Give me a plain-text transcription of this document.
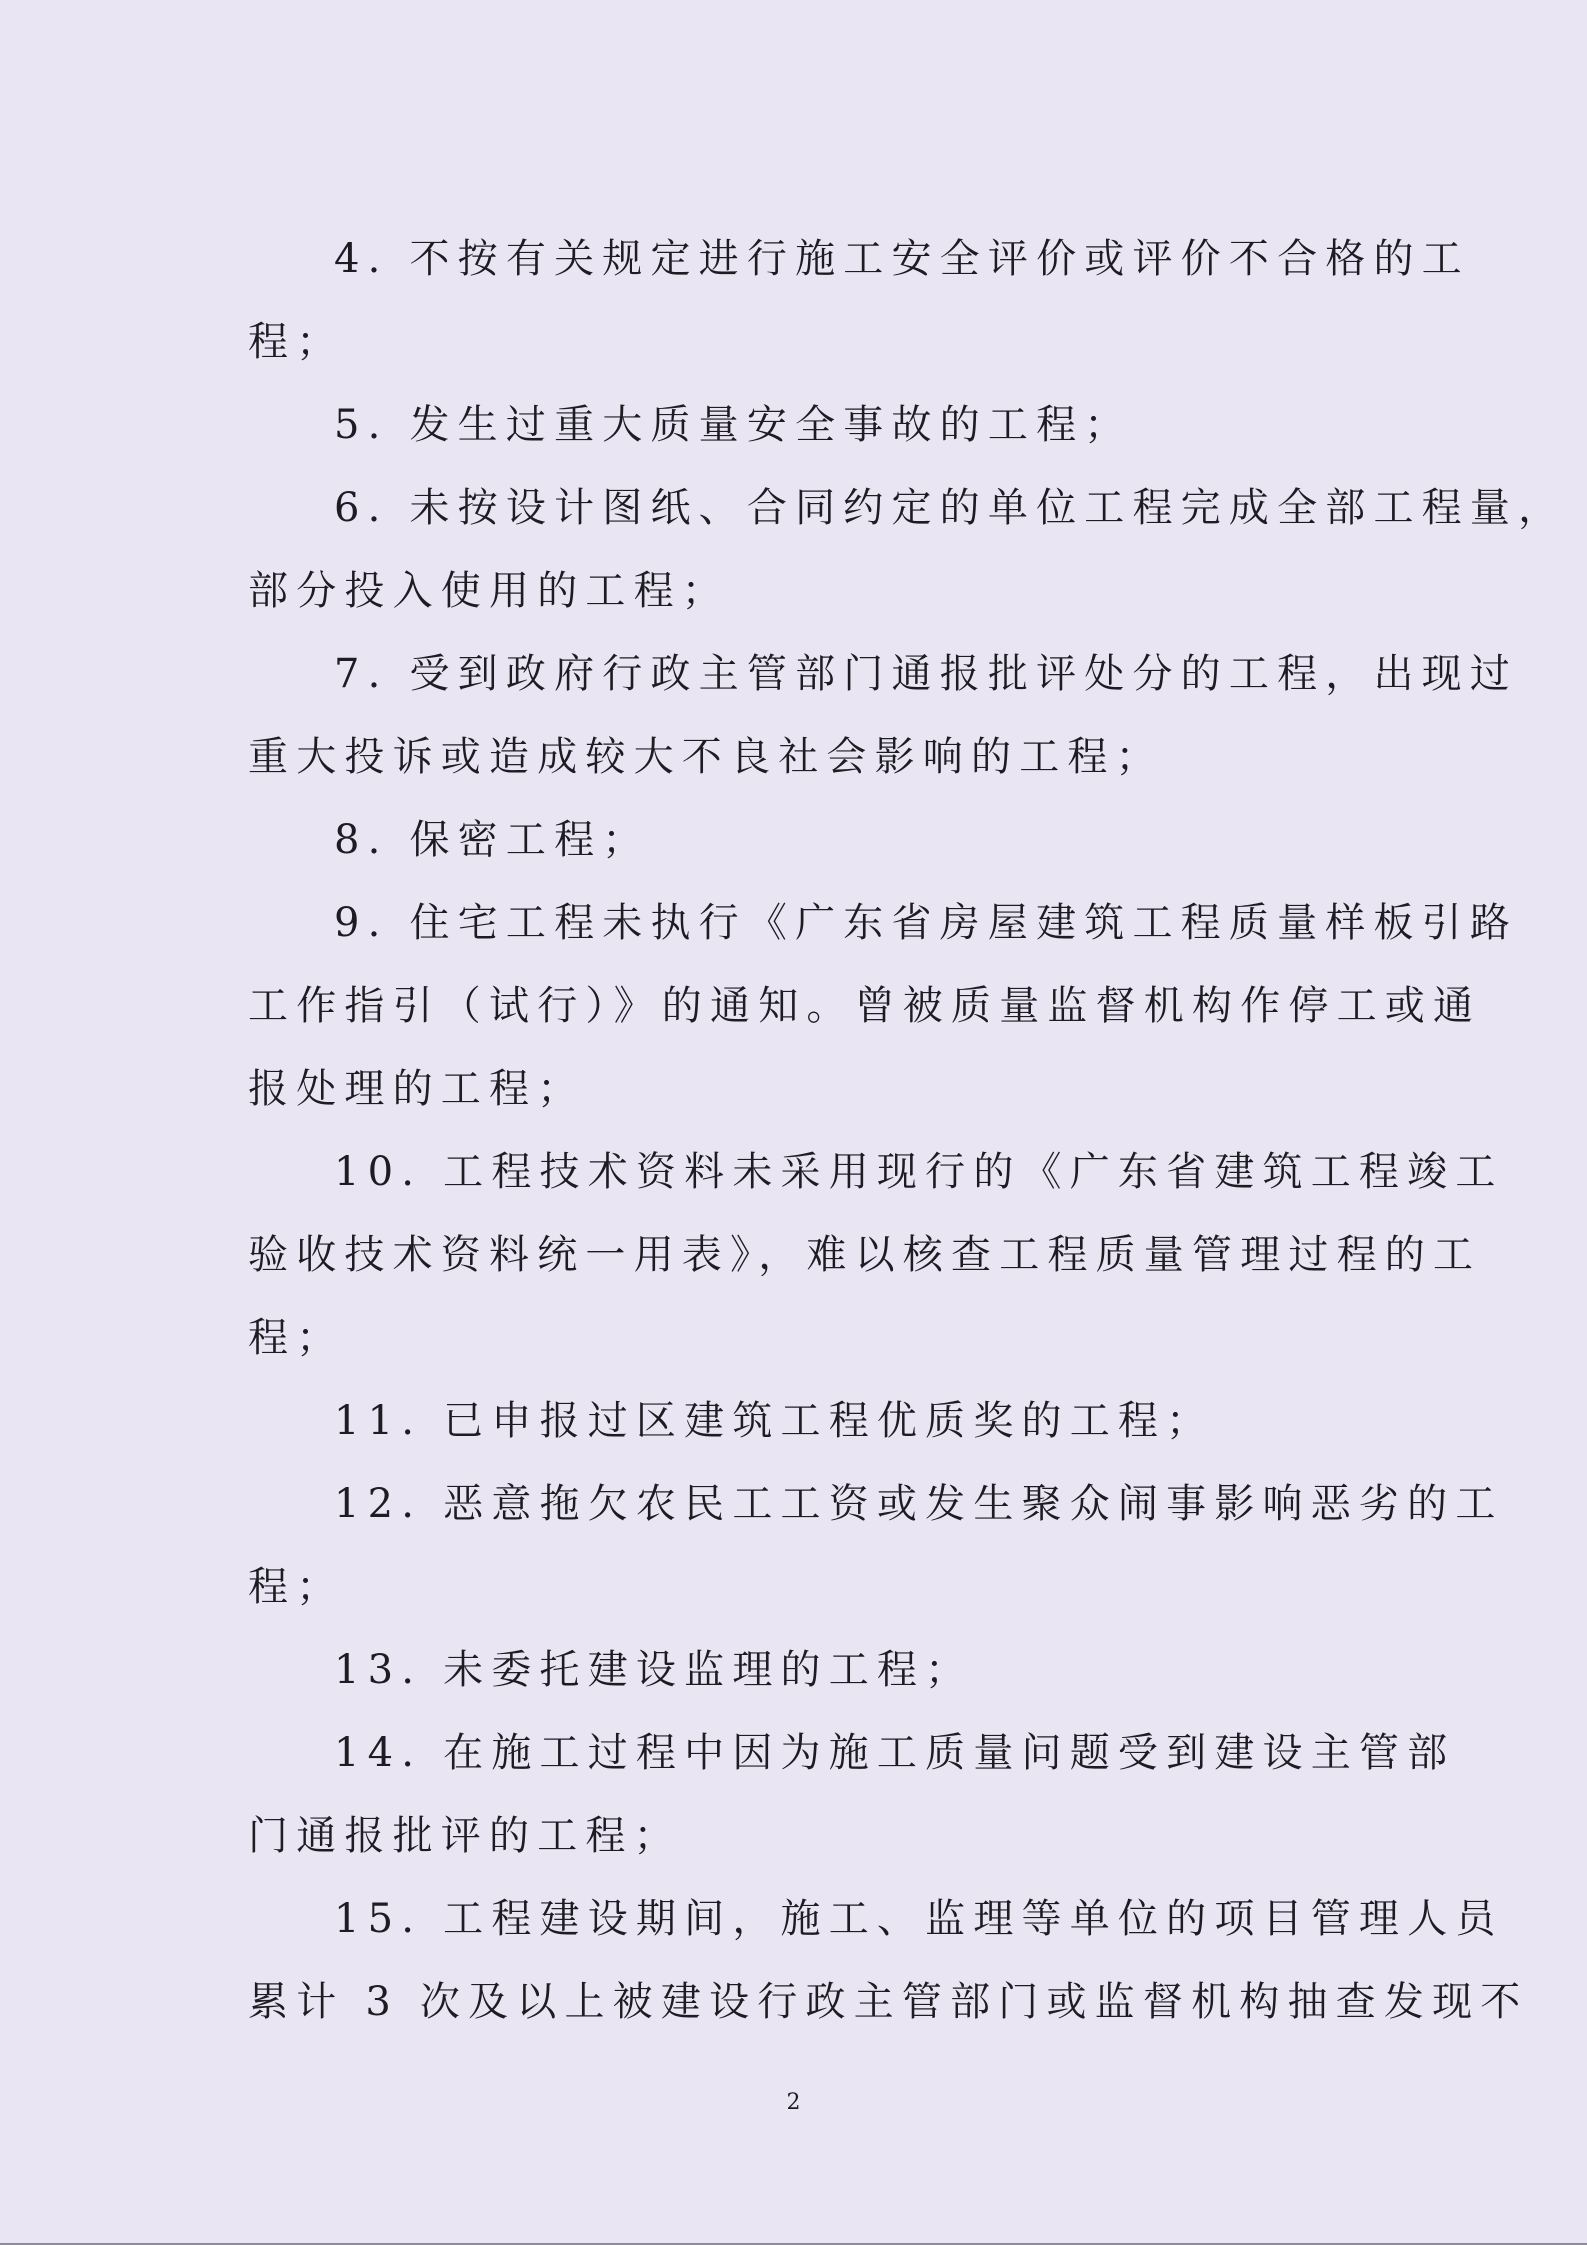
4. 不按有关规定进行施工安全评价或评价不合格的工
程；
5. 发生过重大质量安全事故的工程；
6. 未按设计图纸、合同约定的单位工程完成全部工程量，
部分投入使用的工程；
7. 受到政府行政主管部门通报批评处分的工程，出现过
重大投诉或造成较大不良社会影响的工程；
8. 保密工程；
9. 住宅工程未执行《广东省房屋建筑工程质量样板引路
工作指引（试行）》的通知。曾被质量监督机构作停工或通
报处理的工程；
10. 工程技术资料未采用现行的《广东省建筑工程竣工
验收技术资料统一用表》，难以核查工程质量管理过程的工
程；
11. 已申报过区建筑工程优质奖的工程；
12. 恶意拖欠农民工工资或发生聚众闹事影响恶劣的工
程；
13. 未委托建设监理的工程；
14. 在施工过程中因为施工质量问题受到建设主管部
门通报批评的工程；
15. 工程建设期间，施工、监理等单位的项目管理人员
累计 3 次及以上被建设行政主管部门或监督机构抽查发现不
2
